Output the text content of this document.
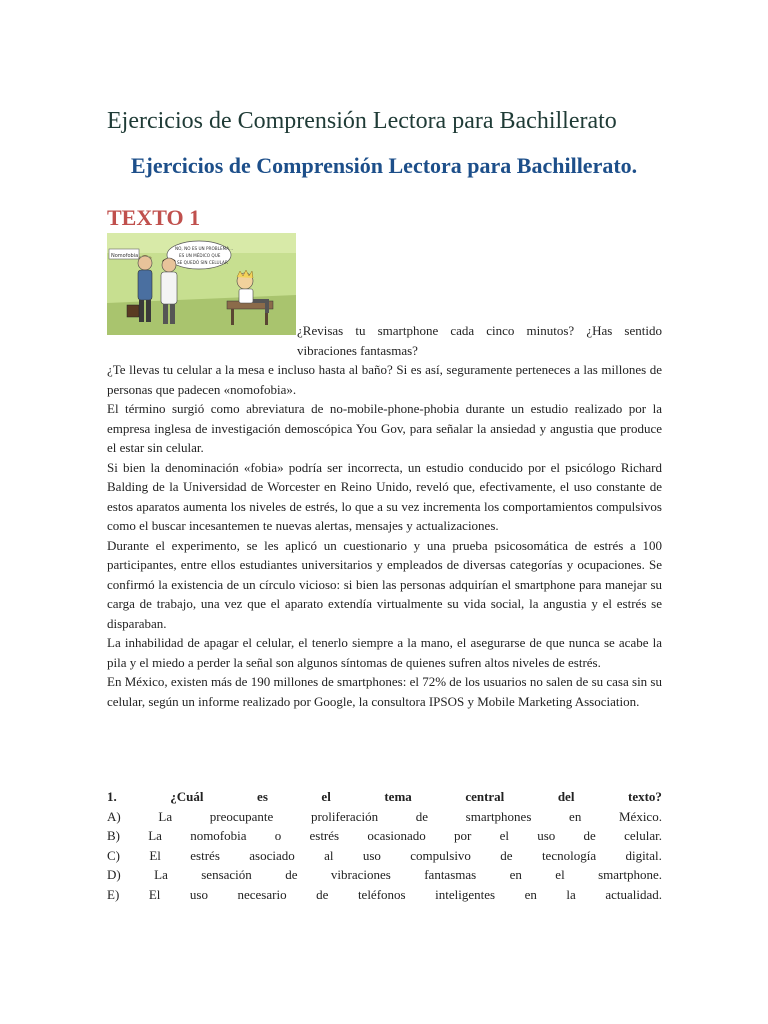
Ejercicios de Comprensión Lectora para Bachillerato
Ejercicios de Comprensión Lectora para Bachillerato.
TEXTO 1
Nomofobia
NO, NO ES UN PROBLEMA...
ES UN MÉDICO QUE
SE QUEDÓ SIN CELULAR

¿Revisas tu smartphone cada cinco minutos? ¿Has sentido vibraciones fantasmas?

¿Te llevas tu celular a la mesa e incluso hasta al baño? Si es así, seguramente perteneces a las millones de personas que padecen «nomofobia».

El término surgió como abreviatura de no-mobile-phone-phobia durante un estudio realizado por la empresa inglesa de investigación demoscópica You Gov, para señalar la ansiedad y angustia que produce el estar sin celular.

Si bien la denominación «fobia» podría ser incorrecta, un estudio conducido por el psicólogo Richard Balding de la Universidad de Worcester en Reino Unido, reveló que, efectivamente, el uso constante de estos aparatos aumenta los niveles de estrés, lo que a su vez incrementa los comportamientos compulsivos como el buscar incesantemen te nuevas alertas, mensajes y actualizaciones.

Durante el experimento, se les aplicó un cuestionario y una prueba psicosomática de estrés a 100 participantes, entre ellos estudiantes universitarios y empleados de diversas categorías y ocupaciones. Se confirmó la existencia de un círculo vicioso: si bien las personas adquirían el smartphone para manejar su carga de trabajo, una vez que el aparato extendía virtualmente su vida social, la angustia y el estrés se disparaban.

La inhabilidad de apagar el celular, el tenerlo siempre a la mano, el asegurarse de que nunca se acabe la pila y el miedo a perder la señal son algunos síntomas de quienes sufren altos niveles de estrés.

En México, existen más de 190 millones de smartphones: el 72% de los usuarios no salen de su casa sin su celular, según un informe realizado por Google, la consultora IPSOS y Mobile Marketing Association.

1.	¿Cuál	es	el	tema	central	del	texto?
A)	La	preocupante	proliferación	de	smartphones	en	México.
B) La nomofobia o estrés ocasionado por el uso de celular.
C) El estrés asociado al uso compulsivo de tecnología digital.
D)	La	sensación	de	vibraciones	fantasmas	en	el	smartphone.
E) El uso necesario de teléfonos inteligentes en la actualidad.
